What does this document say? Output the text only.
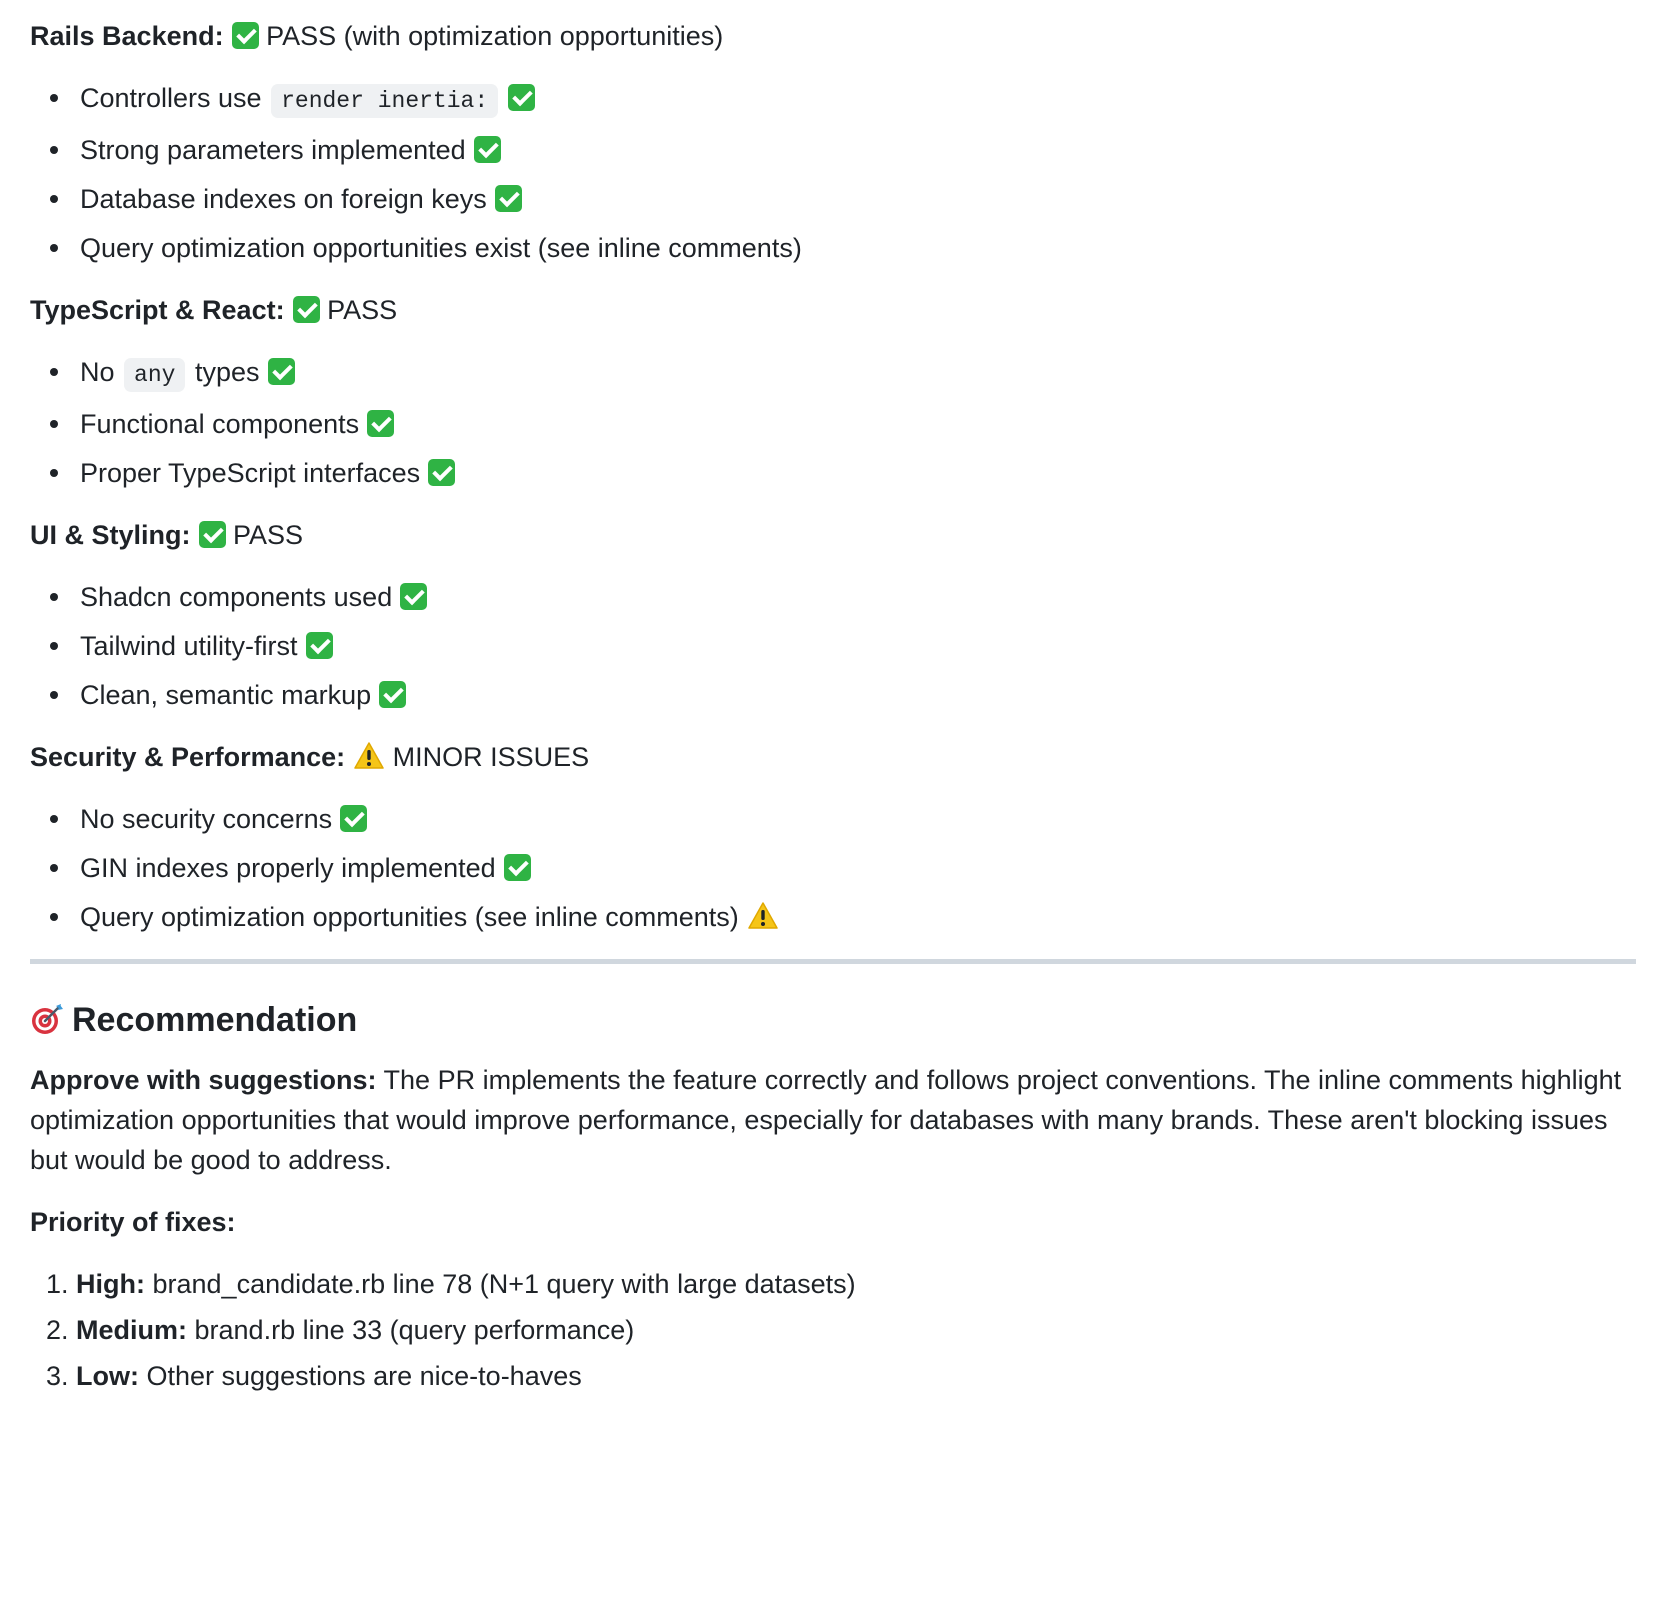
Rails Backend: PASS (with optimization opportunities)

Controllers use render inertia:
Strong parameters implemented
Database indexes on foreign keys
Query optimization opportunities exist (see inline comments)

TypeScript & React: PASS

No any types
Functional components
Proper TypeScript interfaces

UI & Styling: PASS

Shadcn components used
Tailwind utility-first
Clean, semantic markup

Security & Performance: MINOR ISSUES

No security concerns
GIN indexes properly implemented
Query optimization opportunities (see inline comments)
Recommendation

Approve with suggestions: The PR implements the feature correctly and follows project conventions. The inline comments highlight optimization opportunities that would improve performance, especially for databases with many brands. These aren't blocking issues but would be good to address.

Priority of fixes:

1. High: brand_candidate.rb line 78 (N+1 query with large datasets)
2. Medium: brand.rb line 33 (query performance)
3. Low: Other suggestions are nice-to-haves
